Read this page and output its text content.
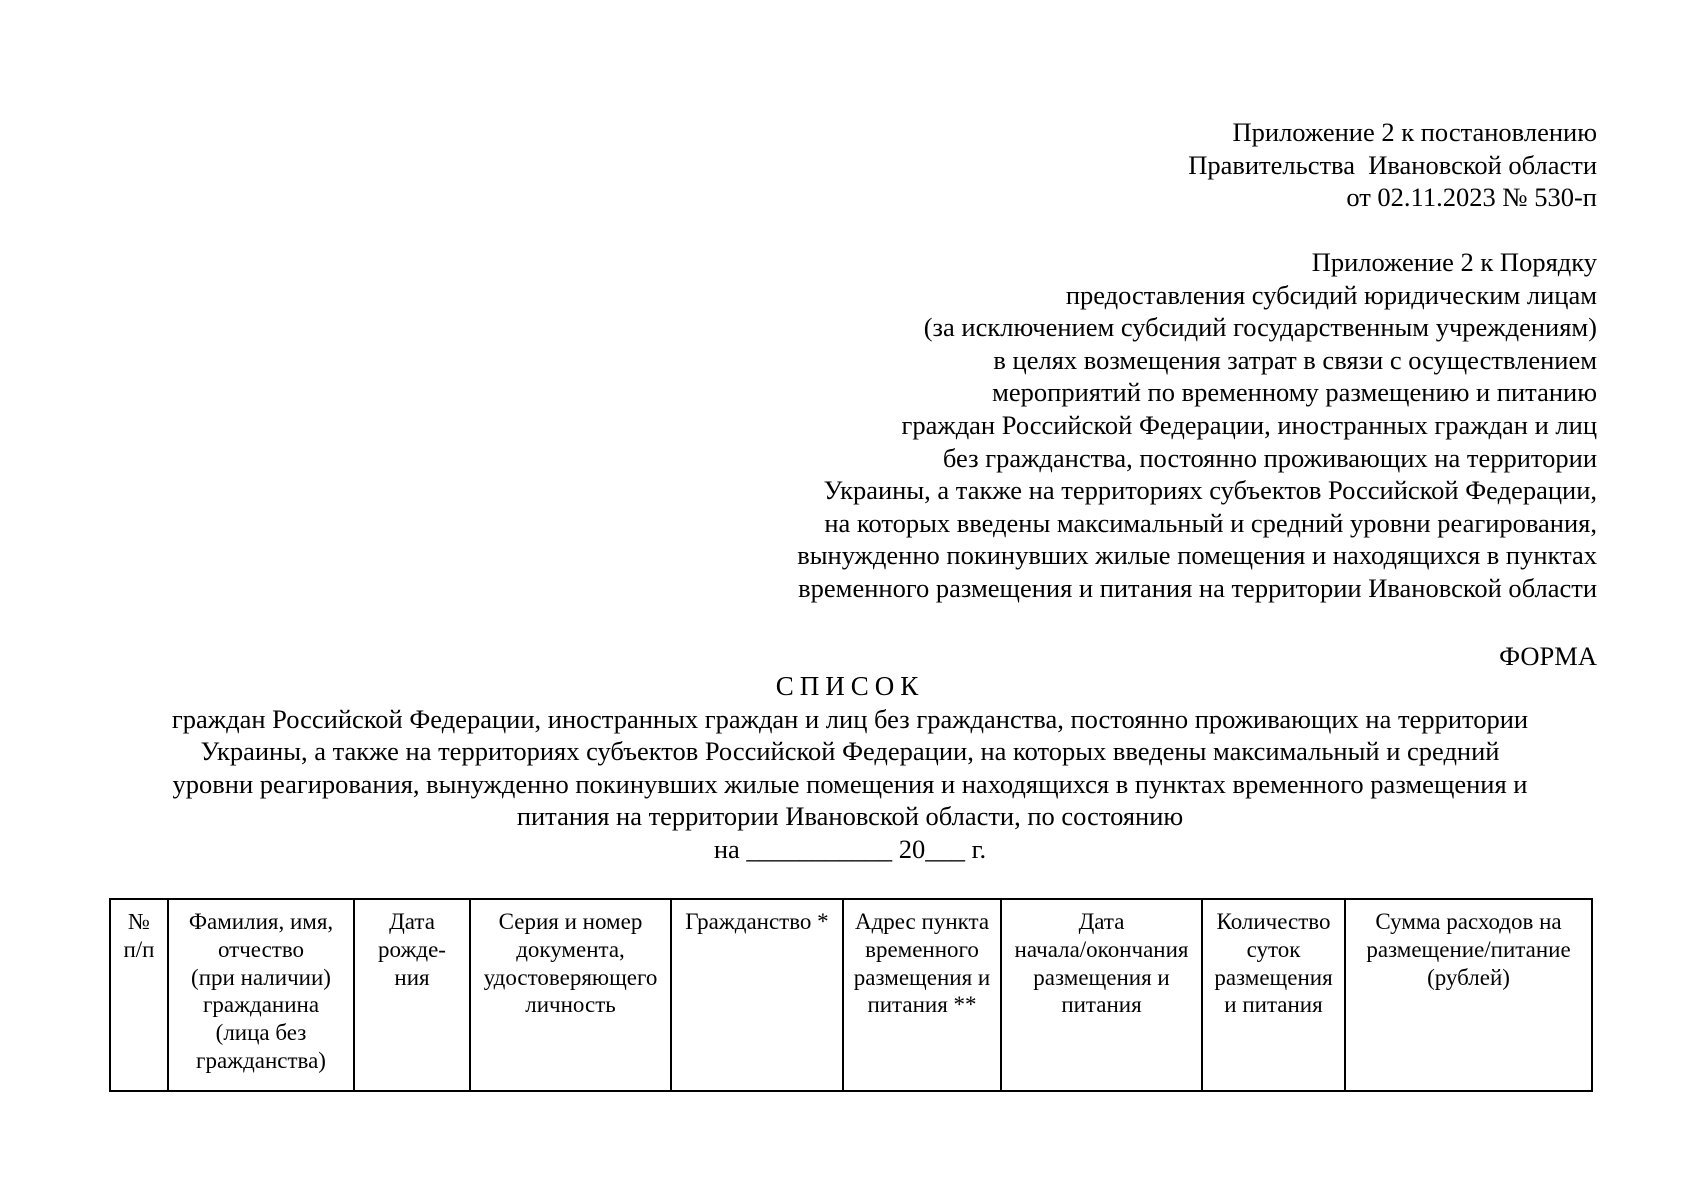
Приложение 2 к постановлению
Правительства  Ивановской области
от 02.11.2023 № 530-п
Приложение 2 к Порядку
предоставления субсидий юридическим лицам
(за исключением субсидий государственным учреждениям)
в целях возмещения затрат в связи с осуществлением
мероприятий по временному размещению и питанию
граждан Российской Федерации, иностранных граждан и лиц
без гражданства, постоянно проживающих на территории
Украины, а также на территориях субъектов Российской Федерации,
на которых введены максимальный и средний уровни реагирования,
вынужденно покинувших жилые помещения и находящихся в пунктах
временного размещения и питания на территории Ивановской области
ФОРМА
СПИСОК
граждан Российской Федерации, иностранных граждан и лиц без гражданства, постоянно проживающих на территории
Украины, а также на территориях субъектов Российской Федерации, на которых введены максимальный и средний
уровни реагирования, вынужденно покинувших жилые помещения и находящихся в пунктах временного размещения и
питания на территории Ивановской области, по состоянию
на ___________ 20___ г.
№
п/п	Фамилия, имя,
отчество
(при наличии)
гражданина
(лица без
гражданства)	Дата
рожде-
ния	Серия и номер
документа,
удостоверяющего
личность	Гражданство *	Адрес пункта
временного
размещения и
питания **	Дата
начала/окончания
размещения и
питания	Количество
суток
размещения
и питания	Сумма расходов на
размещение/питание
(рублей)
